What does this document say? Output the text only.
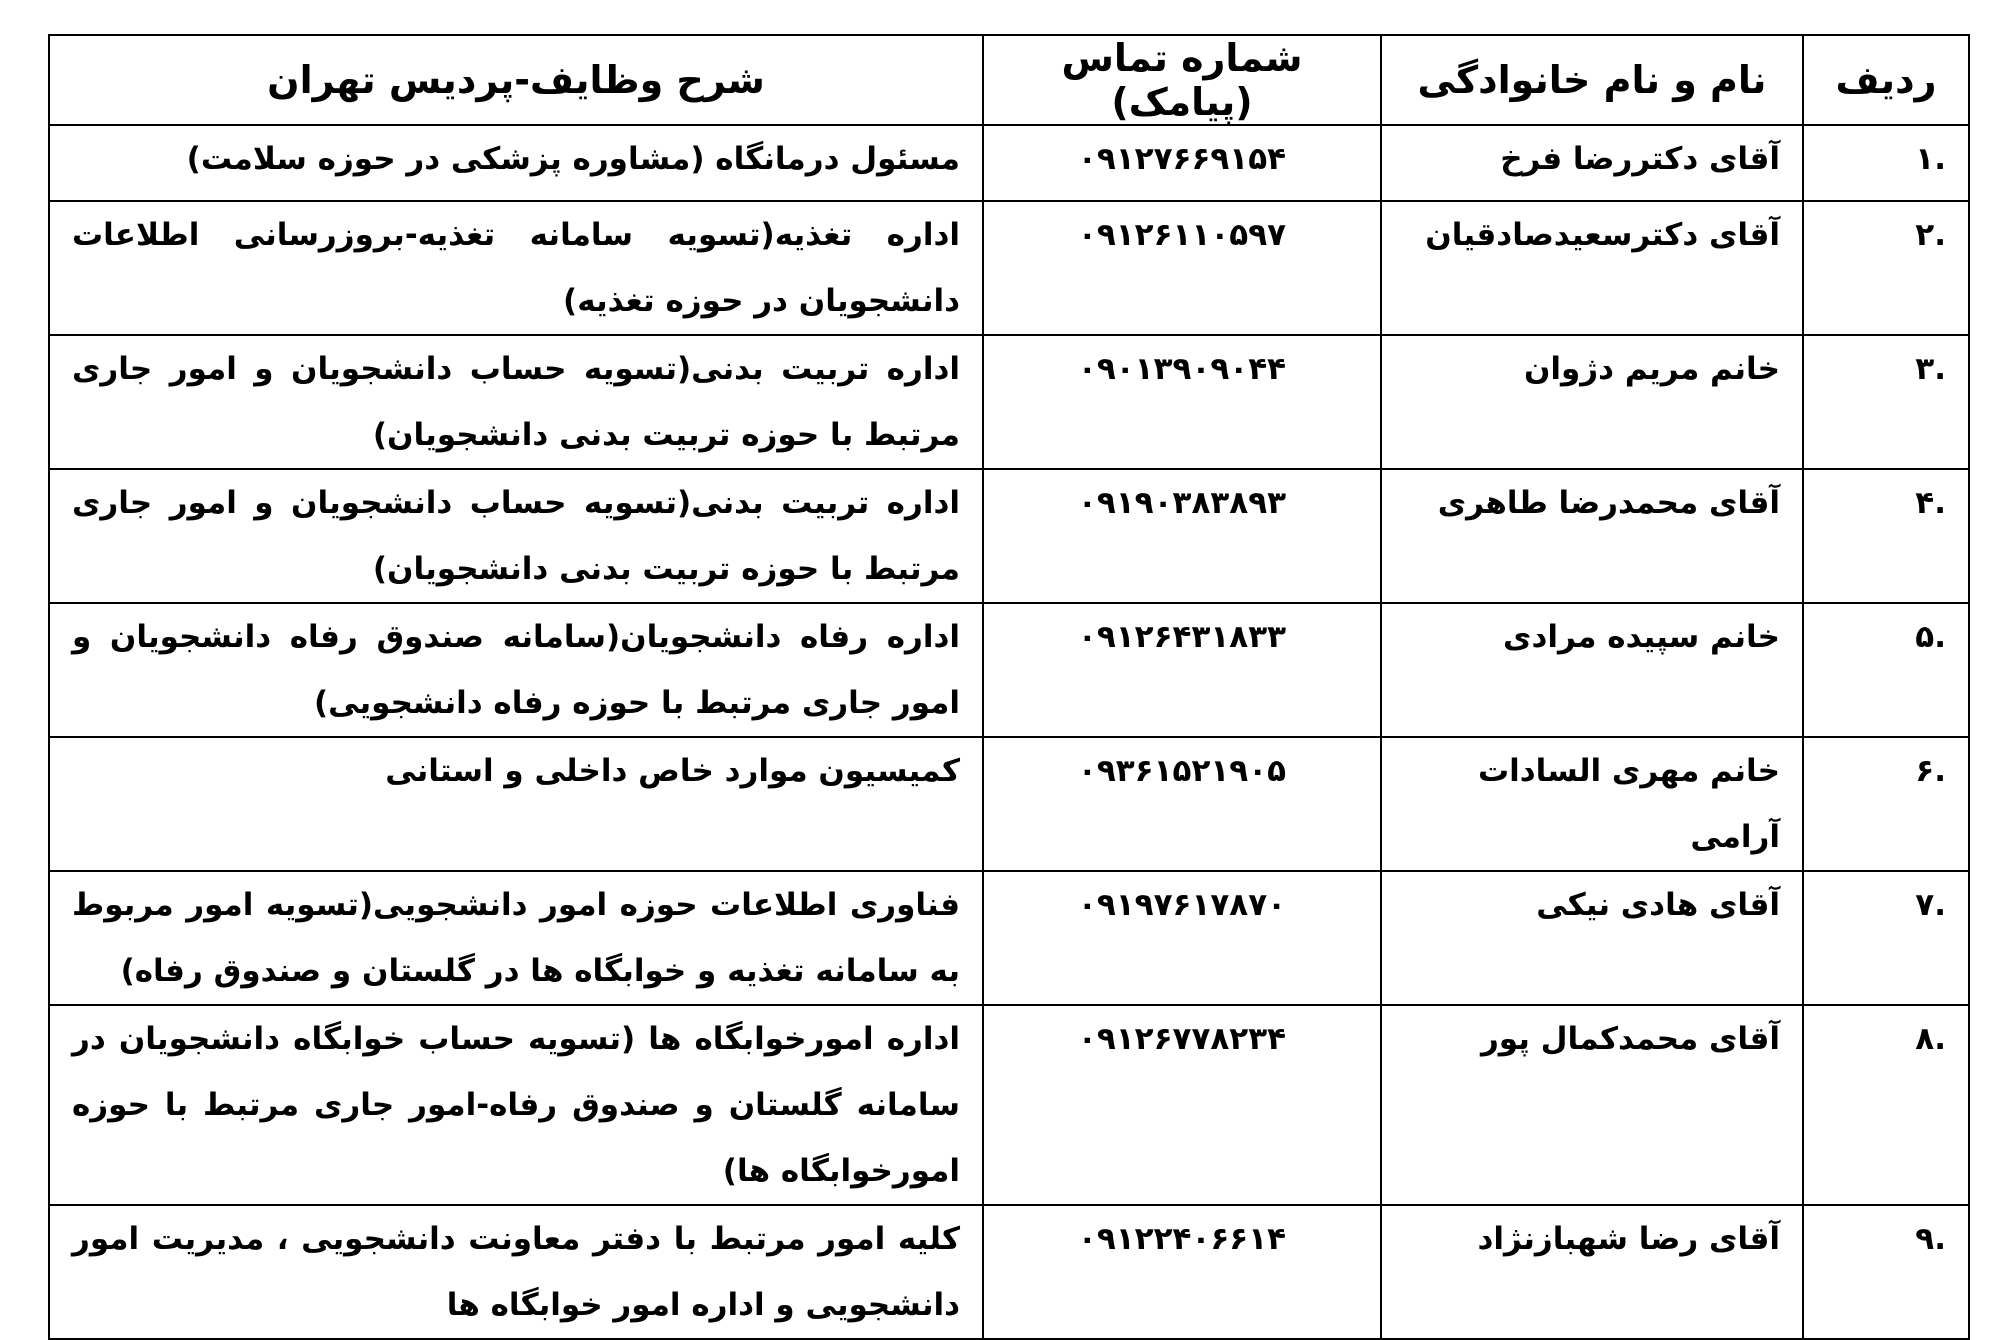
ردیف	نام و نام خانوادگی	شماره تماس (پیامک)	شرح وظایف-پردیس تهران
.۱	آقای دکتررضا فرخ	۰۹۱۲۷۶۶۹۱۵۴	مسئول درمانگاه (مشاوره پزشکی در حوزه سلامت)
.۲	آقای دکترسعیدصادقیان	۰۹۱۲۶۱۱۰۵۹۷	اداره تغذیه(تسویه سامانه تغذیه-بروزرسانی اطلاعات دانشجویان در حوزه تغذیه)
.۳	خانم مریم دژوان	۰۹۰۱۳۹۰۹۰۴۴	اداره تربیت بدنی(تسویه حساب دانشجویان و امور جاری مرتبط با حوزه تربیت بدنی دانشجویان)
.۴	آقای محمدرضا طاهری	۰۹۱۹۰۳۸۳۸۹۳	اداره تربیت بدنی(تسویه حساب دانشجویان و امور جاری مرتبط با حوزه تربیت بدنی دانشجویان)
.۵	خانم سپیده مرادی	۰۹۱۲۶۴۳۱۸۳۳	اداره رفاه دانشجویان(سامانه صندوق رفاه دانشجویان و امور جاری مرتبط با حوزه رفاه دانشجویی)
.۶	خانم مهری السادات آرامی	۰۹۳۶۱۵۲۱۹۰۵	کمیسیون موارد خاص داخلی و استانی
.۷	آقای هادی نیکی	۰۹۱۹۷۶۱۷۸۷۰	فناوری اطلاعات حوزه امور دانشجویی(تسویه امور مربوط به سامانه تغذیه و خوابگاه ها در گلستان و صندوق رفاه)
.۸	آقای محمدکمال پور	۰۹۱۲۶۷۷۸۲۳۴	اداره امورخوابگاه ها (تسویه حساب خوابگاه دانشجویان در سامانه گلستان و صندوق رفاه-امور جاری مرتبط با حوزه امورخوابگاه ها)
.۹	آقای رضا شهبازنژاد	۰۹۱۲۲۴۰۶۶۱۴	کلیه امور مرتبط با دفتر معاونت دانشجویی ، مدیریت امور دانشجویی و اداره امور خوابگاه ها
